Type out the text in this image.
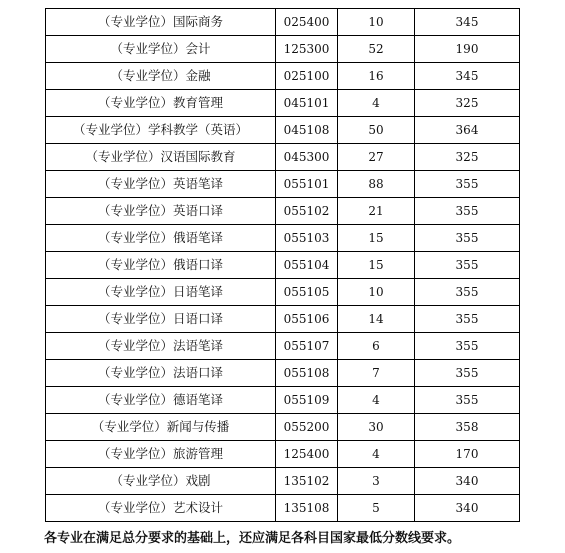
（专业学位）国际商务	025400	10	345
（专业学位）会计	125300	52	190
（专业学位）金融	025100	16	345
（专业学位）教育管理	045101	4	325
（专业学位）学科教学（英语）	045108	50	364
（专业学位）汉语国际教育	045300	27	325
（专业学位）英语笔译	055101	88	355
（专业学位）英语口译	055102	21	355
（专业学位）俄语笔译	055103	15	355
（专业学位）俄语口译	055104	15	355
（专业学位）日语笔译	055105	10	355
（专业学位）日语口译	055106	14	355
（专业学位）法语笔译	055107	6	355
（专业学位）法语口译	055108	7	355
（专业学位）德语笔译	055109	4	355
（专业学位）新闻与传播	055200	30	358
（专业学位）旅游管理	125400	4	170
（专业学位）戏剧	135102	3	340
（专业学位）艺术设计	135108	5	340
各专业在满足总分要求的基础上，还应满足各科目国家最低分数线要求。
